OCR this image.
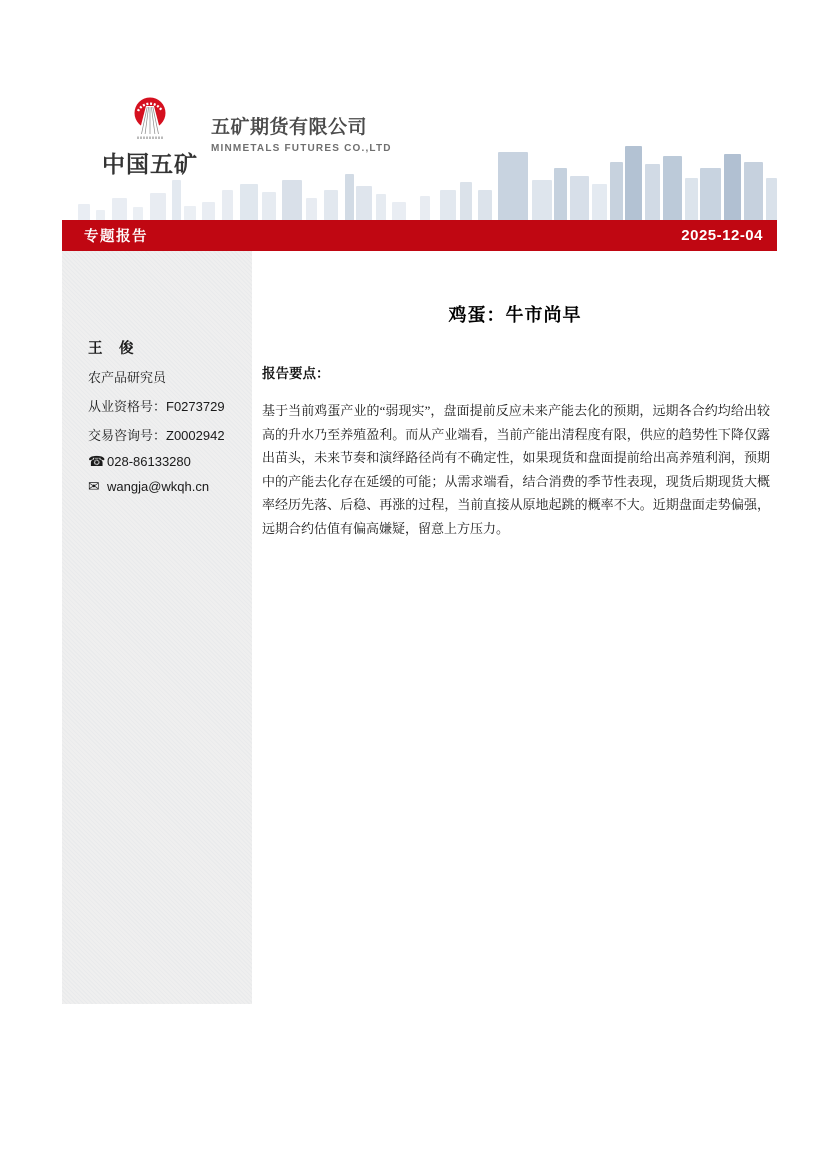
中国五矿
五矿期货有限公司
MINMETALS FUTURES CO.,LTD
专题报告	2025-12-04
王　俊
农产品研究员
从业资格号：F0273729
交易咨询号：Z0002942
☎ 028-86133280
✉ wangja@wkqh.cn
鸡蛋：牛市尚早
报告要点：

基于当前鸡蛋产业的“弱现实”，盘面提前反应未来产能去化的预期，远期各合约均给出较高的升水乃至养殖盈利。而从产业端看，当前产能出清程度有限，供应的趋势性下降仅露出苗头，未来节奏和演绎路径尚有不确定性，如果现货和盘面提前给出高养殖利润，预期中的产能去化存在延缓的可能；从需求端看，结合消费的季节性表现，现货后期现货大概率经历先落、后稳、再涨的过程，当前直接从原地起跳的概率不大。近期盘面走势偏强，远期合约估值有偏高嫌疑，留意上方压力。
